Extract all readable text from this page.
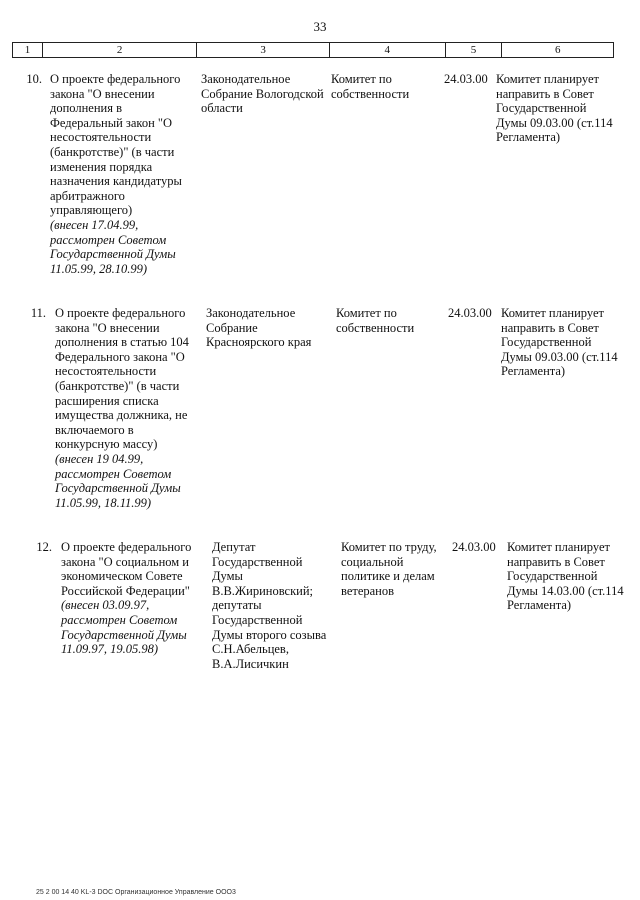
33
1	2	3	4	5	6
10. О проекте федерального закона "О внесении дополнения в Федеральный закон "О несостоятельности (банкротстве)" (в части изменения порядка назначения кандидатуры арбитражного управляющего)
(внесен 17.04.99, рассмотрен Советом Государственной Думы 11.05.99, 28.10.99)
Законодательное Собрание Вологодской области
Комитет по собственности
24.03.00 Комитет планирует направить в Совет Государственной Думы 09.03.00 (ст.114 Регламента)
11. О проекте федерального закона "О внесении дополнения в статью 104 Федерального закона "О несостоятельности (банкротстве)" (в части расширения списка имущества должника, не включаемого в конкурсную массу)
(внесен 19 04.99, рассмотрен Советом Государственной Думы 11.05.99, 18.11.99)
Законодательное Собрание Красноярского края
Комитет по собственности
24.03.00 Комитет планирует направить в Совет Государственной Думы 09.03.00 (ст.114 Регламента)
12. О проекте федерального закона "О социальном и экономическом Совете Российской Федерации"
(внесен 03.09.97, рассмотрен Советом Государственной Думы 11.09.97, 19.05.98)
Депутат Государственной Думы В.В.Жириновский; депутаты Государственной Думы второго созыва С.Н.Абельцев, В.А.Лисичкин
Комитет по труду, социальной политике и делам ветеранов
24.03.00 Комитет планирует направить в Совет Государственной Думы 14.03.00 (ст.114 Регламента)
25 2 00 14 40 KL-3 DOC Организационное Управление ООО3
